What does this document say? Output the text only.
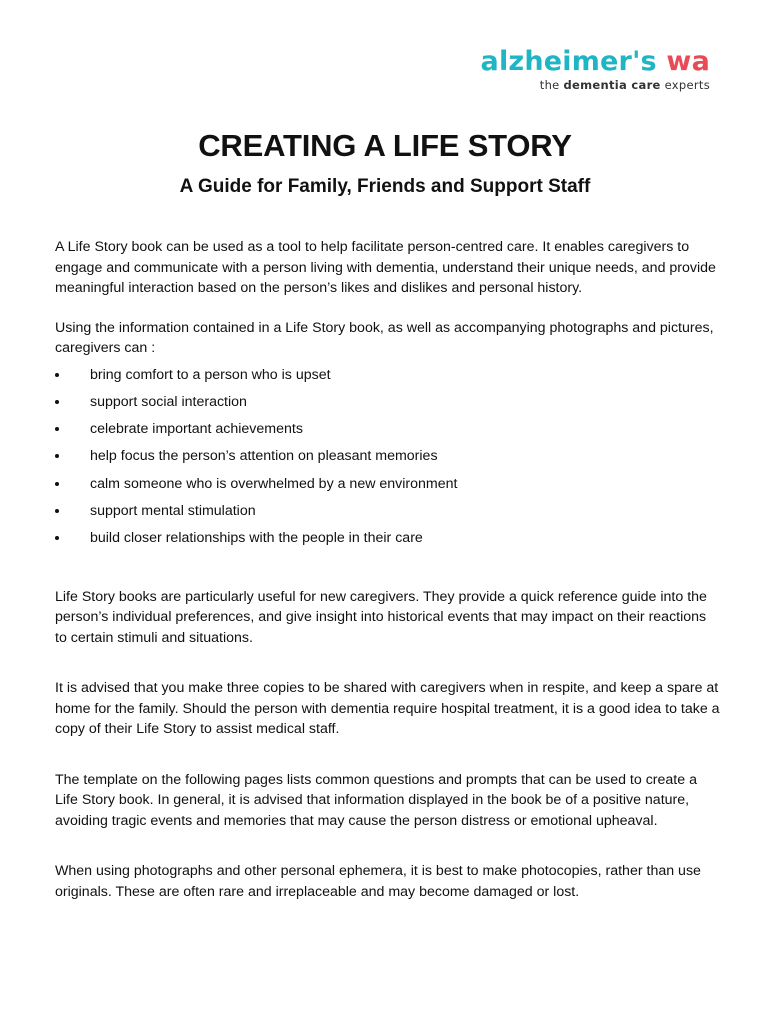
alzheimer's wa
the dementia care experts
CREATING A LIFE STORY
A Guide for Family, Friends and Support Staff

A Life Story book can be used as a tool to help facilitate person-centred care. It enables caregivers to engage and communicate with a person living with dementia, understand their unique needs, and provide meaningful interaction based on the person’s likes and dislikes and personal history.

Using the information contained in a Life Story book, as well as accompanying photographs and pictures, caregivers can :

bring comfort to a person who is upset
support social interaction
celebrate important achievements
help focus the person’s attention on pleasant memories
calm someone who is overwhelmed by a new environment
support mental stimulation
build closer relationships with the people in their care

Life Story books are particularly useful for new caregivers. They provide a quick reference guide into the person’s individual preferences, and give insight into historical events that may impact on their reactions to certain stimuli and situations.

It is advised that you make three copies to be shared with caregivers when in respite, and keep a spare at home for the family. Should the person with dementia require hospital treatment, it is a good idea to take a copy of their Life Story to assist medical staff.

The template on the following pages lists common questions and prompts that can be used to create a Life Story book. In general, it is advised that information displayed in the book be of a positive nature, avoiding tragic events and memories that may cause the person distress or emotional upheaval.

When using photographs and other personal ephemera, it is best to make photocopies, rather than use originals. These are often rare and irreplaceable and may become damaged or lost.
